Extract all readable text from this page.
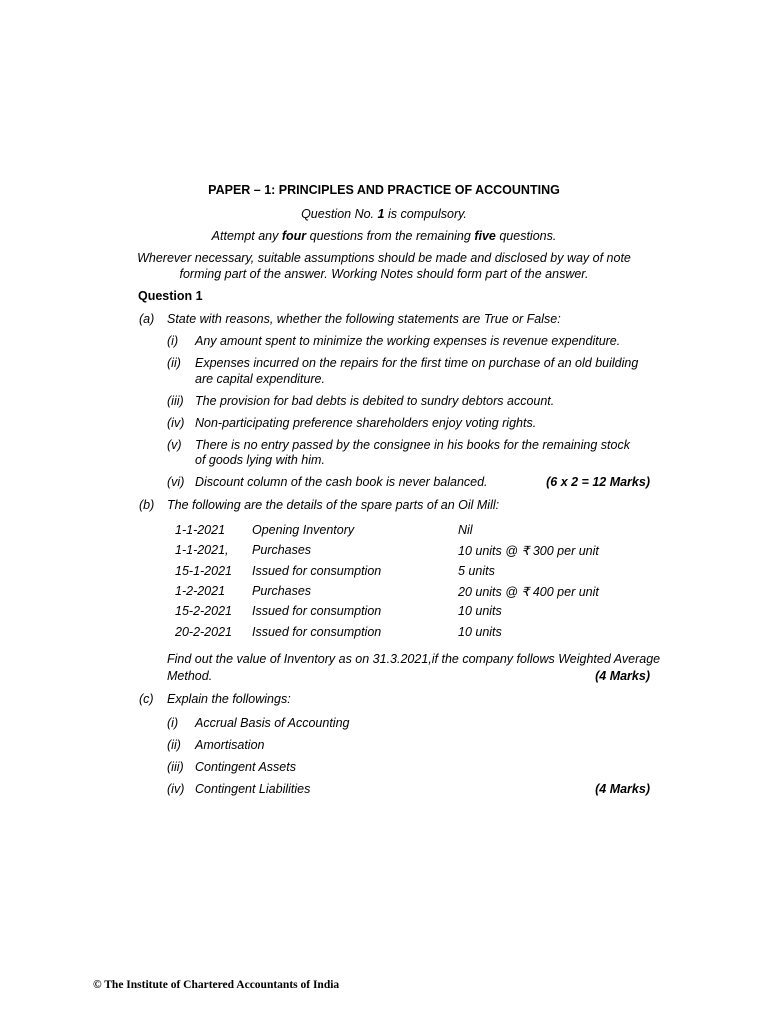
PAPER – 1: PRINCIPLES AND PRACTICE OF ACCOUNTING
Question No. 1 is compulsory.
Attempt any four questions from the remaining five questions.
Wherever necessary, suitable assumptions should be made and disclosed by way of note
forming part of the answer. Working Notes should form part of the answer.
Question 1
(a) State with reasons, whether the following statements are True or False:
(i) Any amount spent to minimize the working expenses is revenue expenditure.
(ii) Expenses incurred on the repairs for the first time on purchase of an old building
are capital expenditure.
(iii) The provision for bad debts is debited to sundry debtors account.
(iv) Non-participating preference shareholders enjoy voting rights.
(v) There is no entry passed by the consignee in his books for the remaining stock
of goods lying with him.
(vi) Discount column of the cash book is never balanced.	(6 x 2 = 12 Marks)
(b) The following are the details of the spare parts of an Oil Mill:
1-1-2021 Opening Inventory	Nil
1-1-2021, Purchases	10 units @ ₹ 300 per unit
15-1-2021 Issued for consumption	5 units
1-2-2021 Purchases	20 units @ ₹ 400 per unit
15-2-2021 Issued for consumption	10 units
20-2-2021 Issued for consumption	10 units
Find out the value of Inventory as on 31.3.2021,if the company follows Weighted Average
Method.	(4 Marks)
(c) Explain the followings:
(i) Accrual Basis of Accounting
(ii) Amortisation
(iii) Contingent Assets
(iv) Contingent Liabilities	(4 Marks)
© The Institute of Chartered Accountants of India
